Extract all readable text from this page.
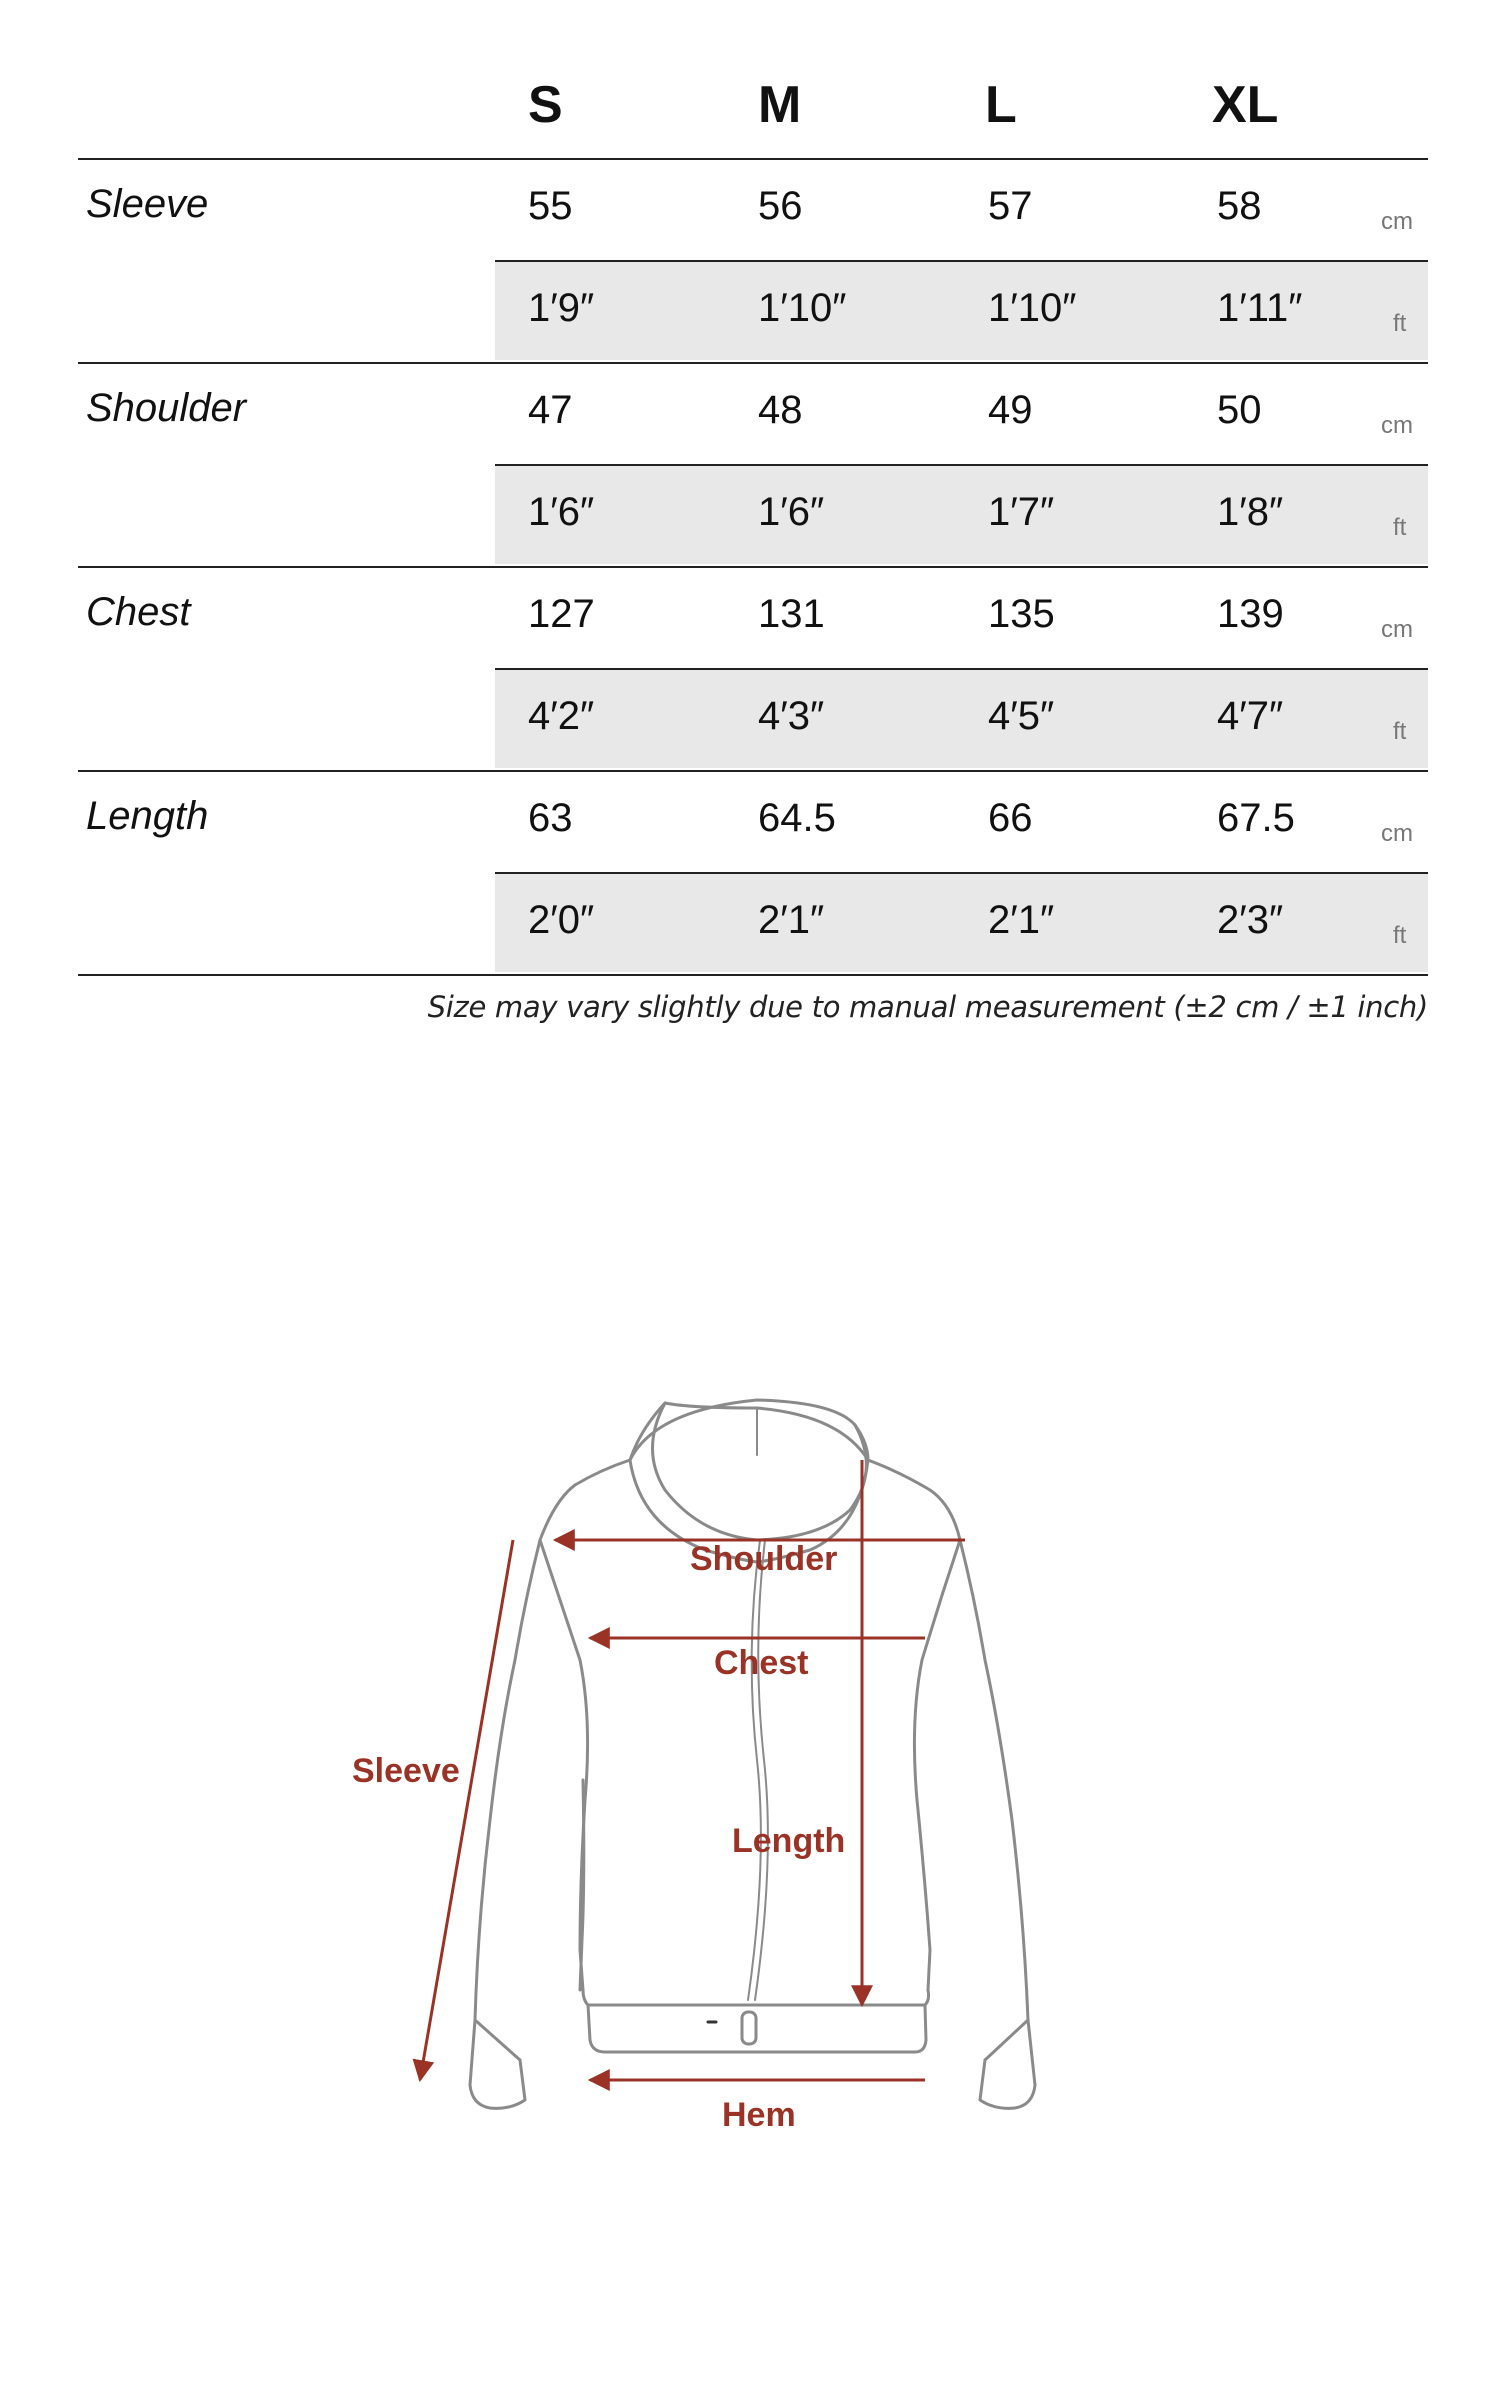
S	M	L	XL
Sleeve	55	56	57	58	cm
1′9″	1′10″	1′10″	1′11″	ft
Shoulder	47	48	49	50	cm
1′6″	1′6″	1′7″	1′8″	ft
Chest	127	131	135	139	cm
4′2″	4′3″	4′5″	4′7″	ft
Length	63	64.5	66	67.5	cm
2′0″	2′1″	2′1″	2′3″	ft
Size may vary slightly due to manual measurement (±2 cm / ±1 inch)
Shoulder
Chest
Length
Sleeve
Hem
